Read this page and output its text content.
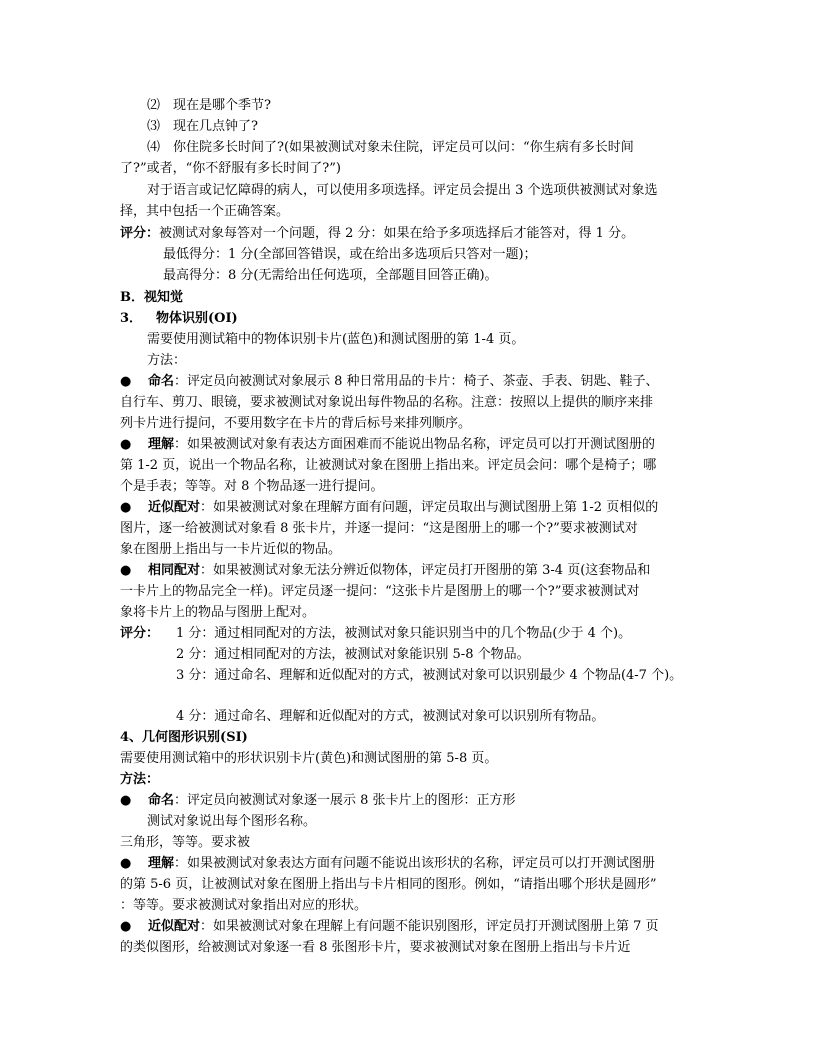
⑵　现在是哪个季节?
⑶　现在几点钟了?
⑷　你住院多长时间了?(如果被测试对象未住院，评定员可以问：“你生病有多长时间
了?”或者，“你不舒服有多长时间了?”)
对于语言或记忆障碍的病人，可以使用多项选择。评定员会提出 3 个选项供被测试对象选
择，其中包括一个正确答案。
评分：被测试对象每答对一个问题，得 2 分：如果在给予多项选择后才能答对，得 1 分。
最低得分：1 分(全部回答错误，或在给出多选项后只答对一题)；
最高得分：8 分(无需给出任何选项，全部题目回答正确)。
B．视知觉
3． 物体识别(OI)
需要使用测试箱中的物体识别卡片(蓝色)和测试图册的第 1-4 页。
方法：
● 命名：评定员向被测试对象展示 8 种日常用品的卡片：椅子、茶壶、手表、钥匙、鞋子、
自行车、剪刀、眼镜，要求被测试对象说出每件物品的名称。注意：按照以上提供的顺序来排
列卡片进行提问，不要用数字在卡片的背后标号来排列顺序。
● 理解：如果被测试对象有表达方面困难而不能说出物品名称，评定员可以打开测试图册的
第 1-2 页，说出一个物品名称，让被测试对象在图册上指出来。评定员会问：哪个是椅子；哪
个是手表；等等。对 8 个物品逐一进行提问。
● 近似配对：如果被测试对象在理解方面有问题，评定员取出与测试图册上第 1-2 页相似的
图片，逐一给被测试对象看 8 张卡片，并逐一提问：“这是图册上的哪一个?”要求被测试对
象在图册上指出与一卡片近似的物品。
● 相同配对：如果被测试对象无法分辨近似物体，评定员打开图册的第 3-4 页(这套物品和
一卡片上的物品完全一样)。评定员逐一提问：“这张卡片是图册上的哪一个?”要求被测试对
象将卡片上的物品与图册上配对。
评分： 1 分：通过相同配对的方法，被测试对象只能识别当中的几个物品(少于 4 个)。
2 分：通过相同配对的方法，被测试对象能识别 5-8 个物品。
3 分：通过命名、理解和近似配对的方式，被测试对象可以识别最少 4 个物品(4-7 个)。
4 分：通过命名、理解和近似配对的方式，被测试对象可以识别所有物品。
4、几何图形识别(SI)
需要使用测试箱中的形状识别卡片(黄色)和测试图册的第 5-8 页。
方法：
● 命名：评定员向被测试对象逐一展示 8 张卡片上的图形：正方形
测试对象说出每个图形名称。
三角形，等等。要求被
● 理解：如果被测试对象表达方面有问题不能说出该形状的名称，评定员可以打开测试图册
的第 5-6 页，让被测试对象在图册上指出与卡片相同的图形。例如，“请指出哪个形状是圆形”
：等等。要求被测试对象指出对应的形状。
● 近似配对：如果被测试对象在理解上有问题不能识别图形，评定员打开测试图册上第 7 页
的类似图形，给被测试对象逐一看 8 张图形卡片，要求被测试对象在图册上指出与卡片近
